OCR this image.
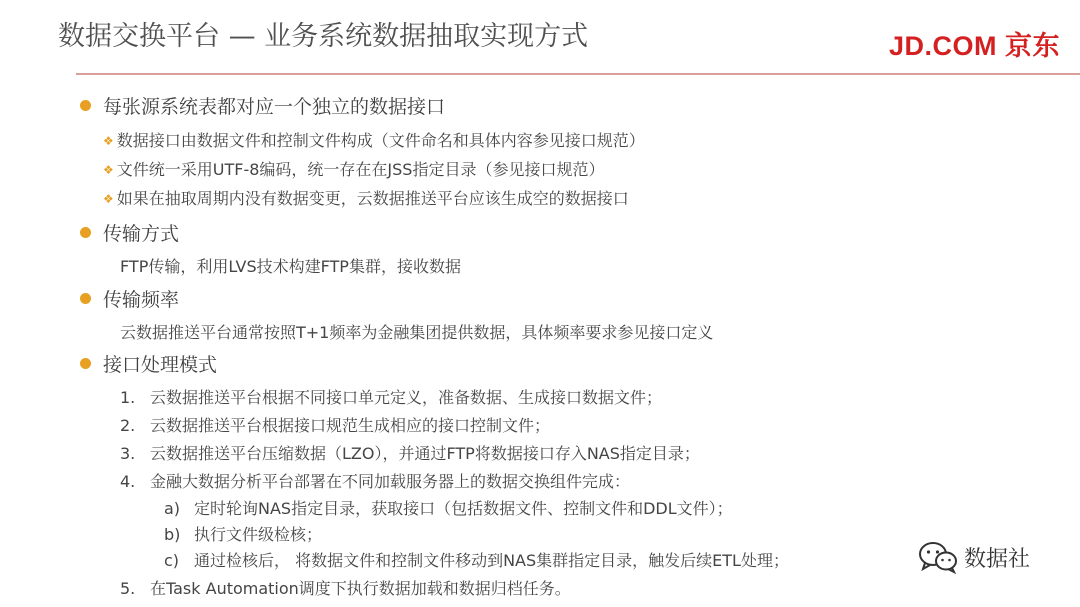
数据交换平台 — 业务系统数据抽取实现方式	JD.COM 京东
每张源系统表都对应一个独立的数据接口
❖ 数据接口由数据文件和控制文件构成（文件命名和具体内容参见接口规范）
❖ 文件统一采用UTF-8编码，统一存在在JSS指定目录（参见接口规范）
❖ 如果在抽取周期内没有数据变更，云数据推送平台应该生成空的数据接口
传输方式
FTP传输，利用LVS技术构建FTP集群，接收数据
传输频率
云数据推送平台通常按照T+1频率为金融集团提供数据，具体频率要求参见接口定义
接口处理模式
1. 云数据推送平台根据不同接口单元定义，准备数据、生成接口数据文件；
2. 云数据推送平台根据接口规范生成相应的接口控制文件；
3. 云数据推送平台压缩数据（LZO），并通过FTP将数据接口存入NAS指定目录；
4. 金融大数据分析平台部署在不同加载服务器上的数据交换组件完成：
a) 定时轮询NAS指定目录，获取接口（包括数据文件、控制文件和DDL文件）；
b) 执行文件级检核；
c) 通过检核后， 将数据文件和控制文件移动到NAS集群指定目录，触发后续ETL处理；
5. 在Task Automation调度下执行数据加载和数据归档任务。
数据社
